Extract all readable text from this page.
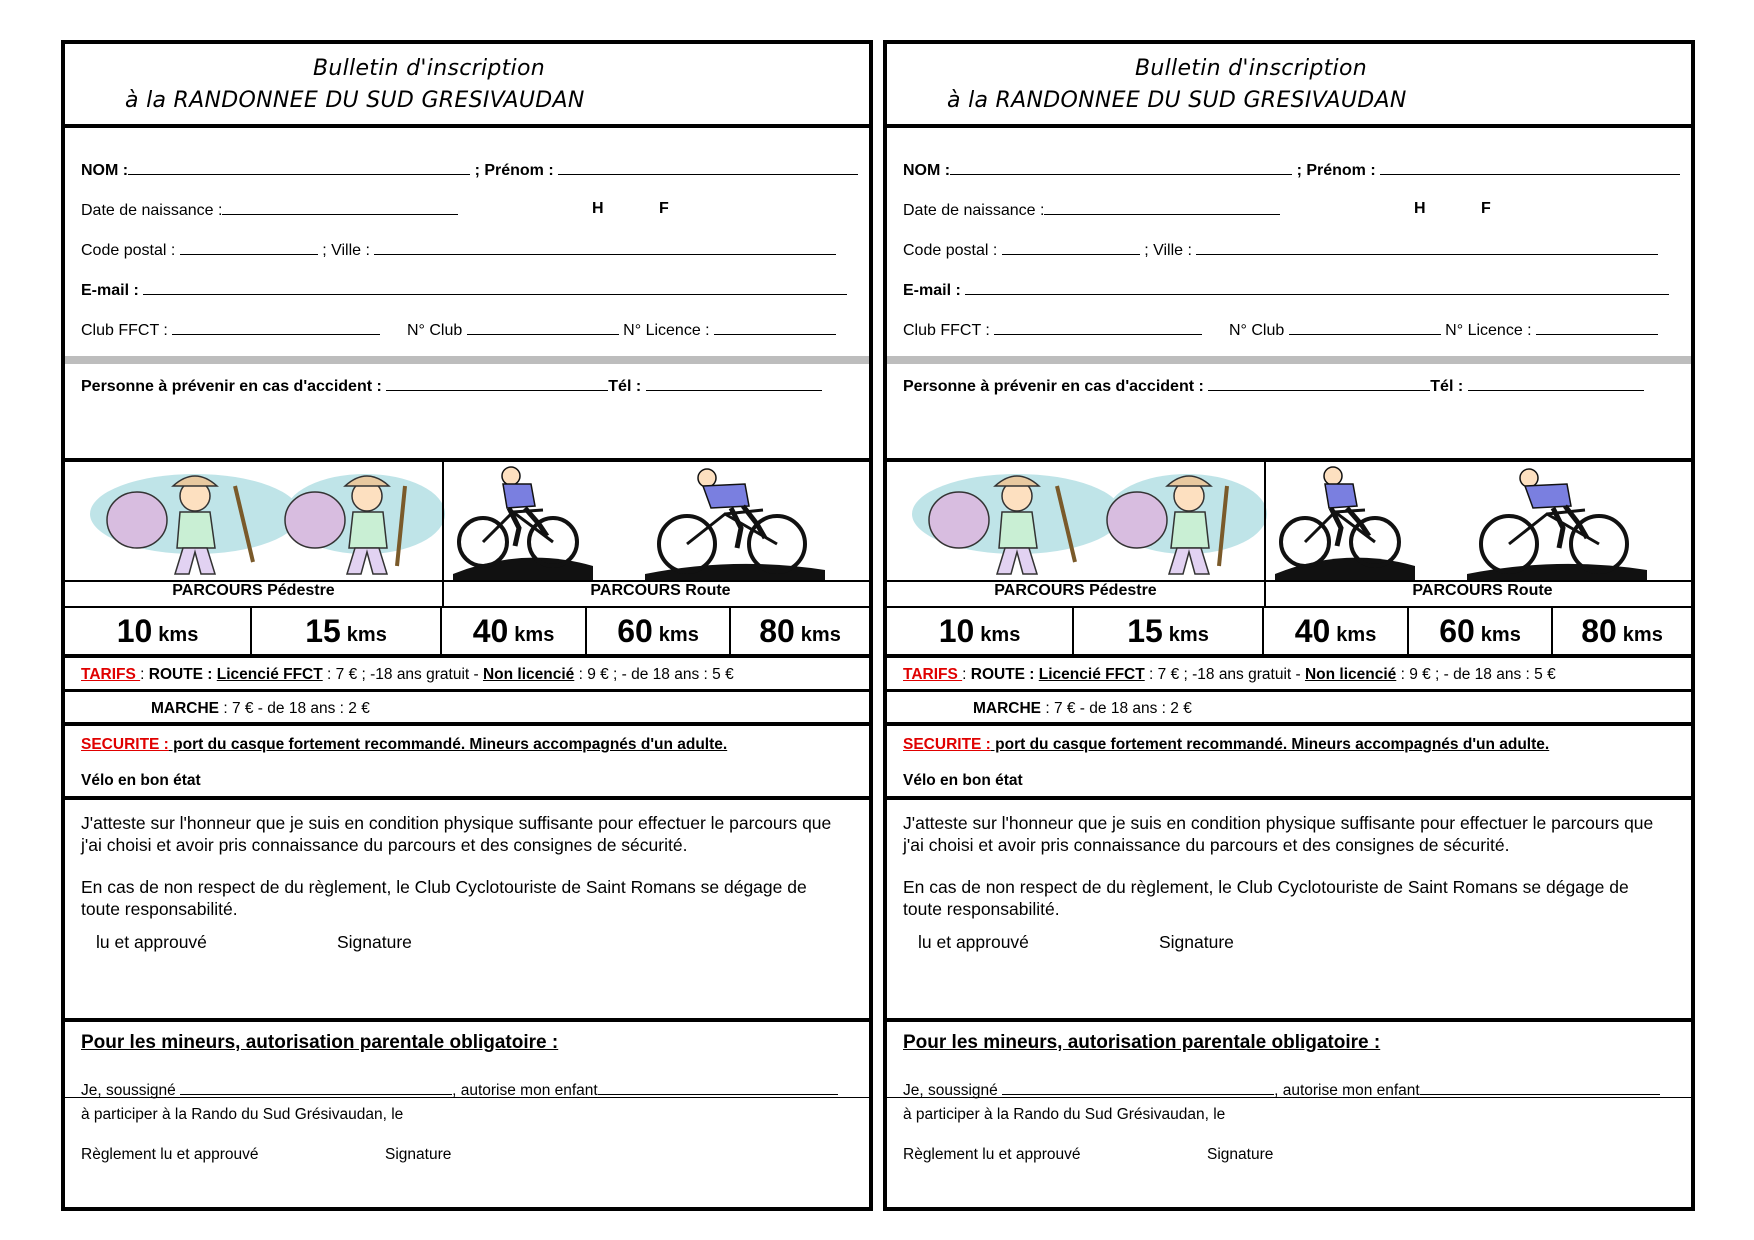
Bulletin d'inscription
à la RANDONNEE DU SUD GRESIVAUDAN
NOM :	; Prénom :
Date de naissance :	H	F
Code postal :	; Ville :
E-mail :
Club FFCT :	N° Club	N° Licence :
Personne à prévenir en cas d'accident :	Tél :
PARCOURS Pédestre	PARCOURS Route
10 kms	15 kms	40 kms 60 kms 80 kms
TARIFS : ROUTE : Licencié FFCT : 7 € ; -18 ans gratuit - Non licencié : 9 € ; - de 18 ans : 5 €
MARCHE : 7 € - de 18 ans : 2 €
SECURITE : port du casque fortement recommandé. Mineurs accompagnés d'un adulte.
Vélo en bon état
J'atteste sur l'honneur que je suis en condition physique suffisante pour effectuer le parcours que j'ai choisi et avoir pris connaissance du parcours et des consignes de sécurité.
En cas de non respect de du règlement, le Club Cyclotouriste de Saint Romans se dégage de toute responsabilité.
lu et approuvé	Signature
Pour les mineurs, autorisation parentale obligatoire :
Je, soussigné	, autorise mon enfant
à participer à la Rando du Sud Grésivaudan, le
Règlement lu et approuvé	Signature
Bulletin d'inscription
à la RANDONNEE DU SUD GRESIVAUDAN
NOM :	; Prénom :
Date de naissance :	H	F
Code postal :	; Ville :
E-mail :
Club FFCT :	N° Club	N° Licence :
Personne à prévenir en cas d'accident :	Tél :
PARCOURS Pédestre	PARCOURS Route
10 kms	15 kms	40 kms 60 kms 80 kms
TARIFS : ROUTE : Licencié FFCT : 7 € ; -18 ans gratuit - Non licencié : 9 € ; - de 18 ans : 5 €
MARCHE : 7 € - de 18 ans : 2 €
SECURITE : port du casque fortement recommandé. Mineurs accompagnés d'un adulte.
Vélo en bon état
J'atteste sur l'honneur que je suis en condition physique suffisante pour effectuer le parcours que j'ai choisi et avoir pris connaissance du parcours et des consignes de sécurité.
En cas de non respect de du règlement, le Club Cyclotouriste de Saint Romans se dégage de toute responsabilité.
lu et approuvé	Signature
Pour les mineurs, autorisation parentale obligatoire :
Je, soussigné	, autorise mon enfant
à participer à la Rando du Sud Grésivaudan, le
Règlement lu et approuvé	Signature
